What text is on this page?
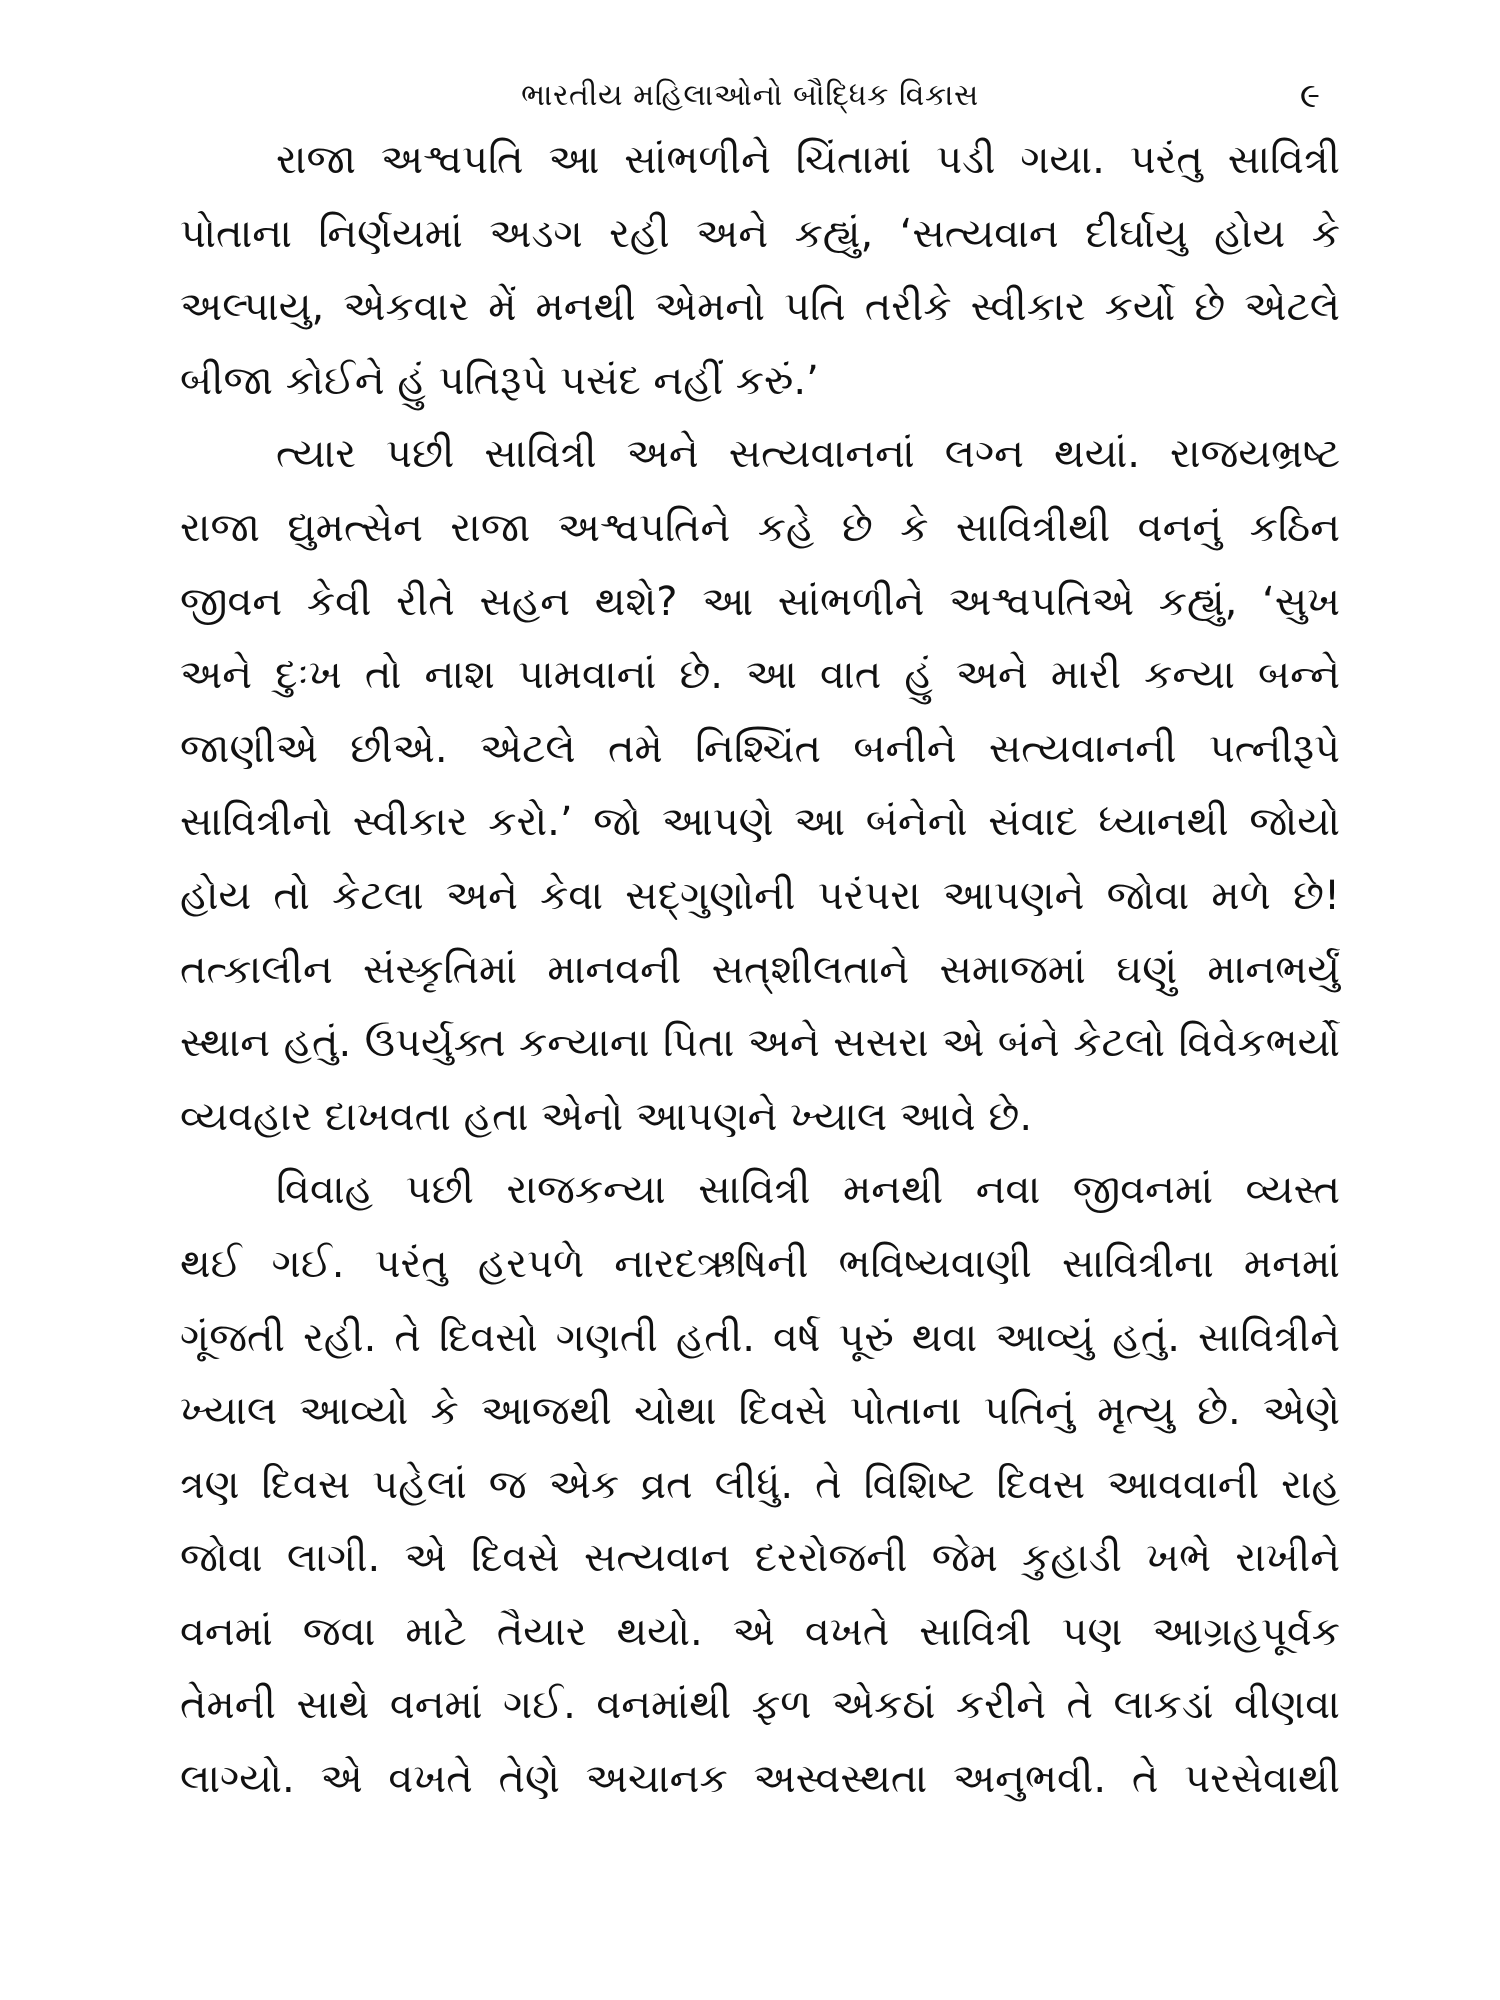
ભારતીય મહિલાઓનો બૌદ્ધિક વિકાસ	૯
રાજા અશ્વપતિ આ સાંભળીને ચિંતામાં પડી ગયા. પરંતુ સાવિત્રી
પોતાના નિર્ણયમાં અડગ રહી અને કહ્યું, ‘સત્યવાન દીર્ઘાયુ હોય કે
અલ્પાયુ, એકવાર મેં મનથી એમનો પતિ તરીકે સ્વીકાર કર્યો છે એટલે
બીજા કોઈને હું પતિરૂપે પસંદ નહીં કરું.’
ત્યાર પછી સાવિત્રી અને સત્યવાનનાં લગ્ન થયાં. રાજયભ્રષ્ટ
રાજા દ્યુમત્સેન રાજા અશ્વપતિને કહે છે કે સાવિત્રીથી વનનું કઠિન
જીવન કેવી રીતે સહન થશે? આ સાંભળીને અશ્વપતિએ કહ્યું, ‘સુખ
અને દુઃખ તો નાશ પામવાનાં છે. આ વાત હું અને મારી કન્યા બન્ને
જાણીએ છીએ. એટલે તમે નિશ્ચિંત બનીને સત્યવાનની પત્નીરૂપે
સાવિત્રીનો સ્વીકાર કરો.’ જો આપણે આ બંનેનો સંવાદ ધ્યાનથી જોયો
હોય તો કેટલા અને કેવા સદ્‌ગુણોની પરંપરા આપણને જોવા મળે છે!
તત્કાલીન સંસ્કૃતિમાં માનવની સત્‌શીલતાને સમાજમાં ઘણું માનભર્યું
સ્થાન હતું. ઉપર્યુક્ત કન્યાના પિતા અને સસરા એ બંને કેટલો વિવેકભર્યો
વ્યવહાર દાખવતા હતા એનો આપણને ખ્યાલ આવે છે.
વિવાહ પછી રાજકન્યા સાવિત્રી મનથી નવા જીવનમાં વ્યસ્ત
થઈ ગઈ. પરંતુ હરપળે નારદઋષિની ભવિષ્યવાણી સાવિત્રીના મનમાં
ગૂંજતી રહી. તે દિવસો ગણતી હતી. વર્ષ પૂરું થવા આવ્યું હતું. સાવિત્રીને
ખ્યાલ આવ્યો કે આજથી ચોથા દિવસે પોતાના પતિનું મૃત્યુ છે. એણે
ત્રણ દિવસ પહેલાં જ એક વ્રત લીધું. તે વિશિષ્ટ દિવસ આવવાની રાહ
જોવા લાગી. એ દિવસે સત્યવાન દરરોજની જેમ કુહાડી ખભે રાખીને
વનમાં જવા માટે તૈયાર થયો. એ વખતે સાવિત્રી પણ આગ્રહપૂર્વક
તેમની સાથે વનમાં ગઈ. વનમાંથી ફળ એકઠાં કરીને તે લાકડાં વીણવા
લાગ્યો. એ વખતે તેણે અચાનક અસ્વસ્થતા અનુભવી. તે પરસેવાથી
